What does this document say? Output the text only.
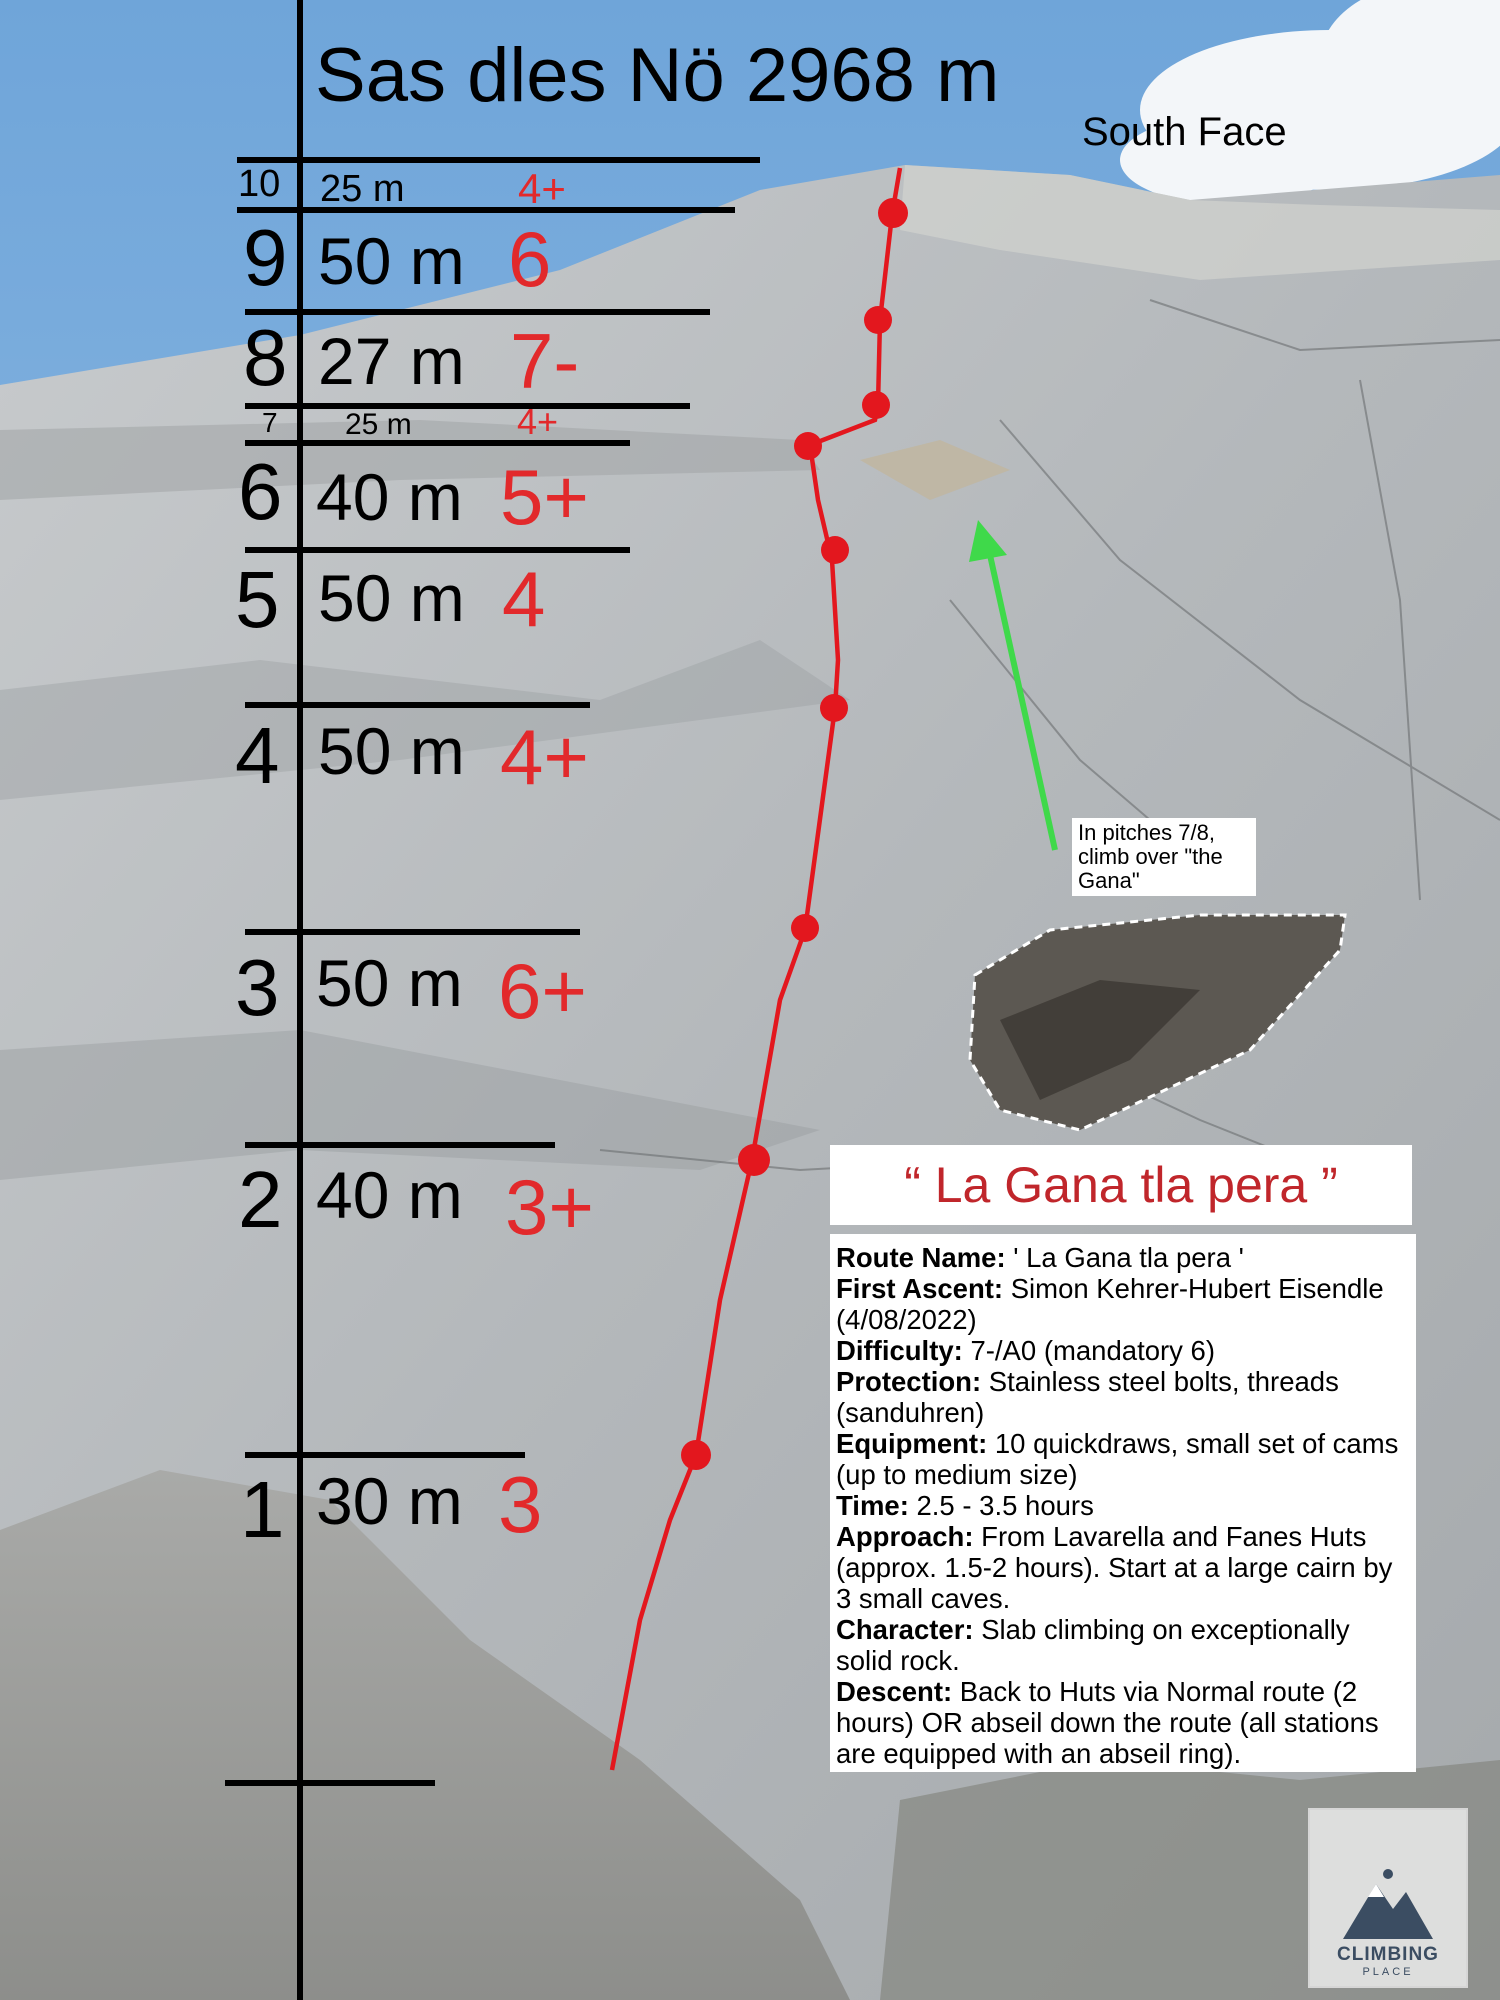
Sas dles Nö 2968 m
South Face
10 25 m	4+
9 50 m 6
8 27 m 7-
7 25 m	4+
6 40 m 5+
5 50 m 4
4 50 m 4+
3 50 m 6+
2 40 m 3+
1 30 m 3
In pitches 7/8, climb over "the Gana"
“ La Gana tla pera ”

Route Name: ' La Gana tla pera '

First Ascent: Simon Kehrer-Hubert Eisendle (4/08/2022)

Difficulty: 7-/A0 (mandatory 6)

Protection: Stainless steel bolts, threads (sanduhren)

Equipment: 10 quickdraws, small set of cams (up to medium size)

Time: 2.5 - 3.5 hours

Approach: From Lavarella and Fanes Huts (approx. 1.5-2 hours). Start at a large cairn by 3 small caves.

Character: Slab climbing on exceptionally solid rock.

Descent: Back to Huts via Normal route (2 hours) OR abseil down the route (all stations are equipped with an abseil ring).

CLIMBING
PLACE
